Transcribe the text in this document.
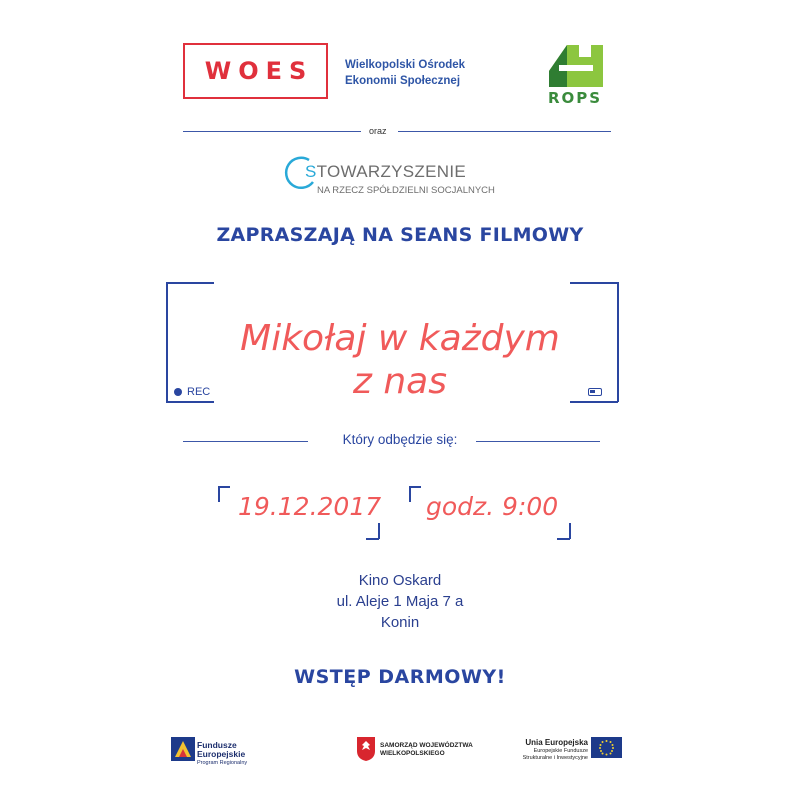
WOES	Wielkopolski Ośrodek
Ekonomii Społecznej
ROPS
oraz
STOWARZYSZENIE
NA RZECZ SPÓŁDZIELNI SOCJALNYCH
ZAPRASZAJĄ NA SEANS FILMOWY
Mikołaj w każdym
z nas
REC
Który odbędzie się:
19.12.2017 godz. 9:00
Kino Oskard
ul. Aleje 1 Maja 7 a
Konin
WSTĘP DARMOWY!
Fundusze
Europejskie
Program Regionalny
SAMORZĄD WOJEWÓDZTWA
WIELKOPOLSKIEGO
Unia Europejska
Europejskie Fundusze
Strukturalne i Inwestycyjne
